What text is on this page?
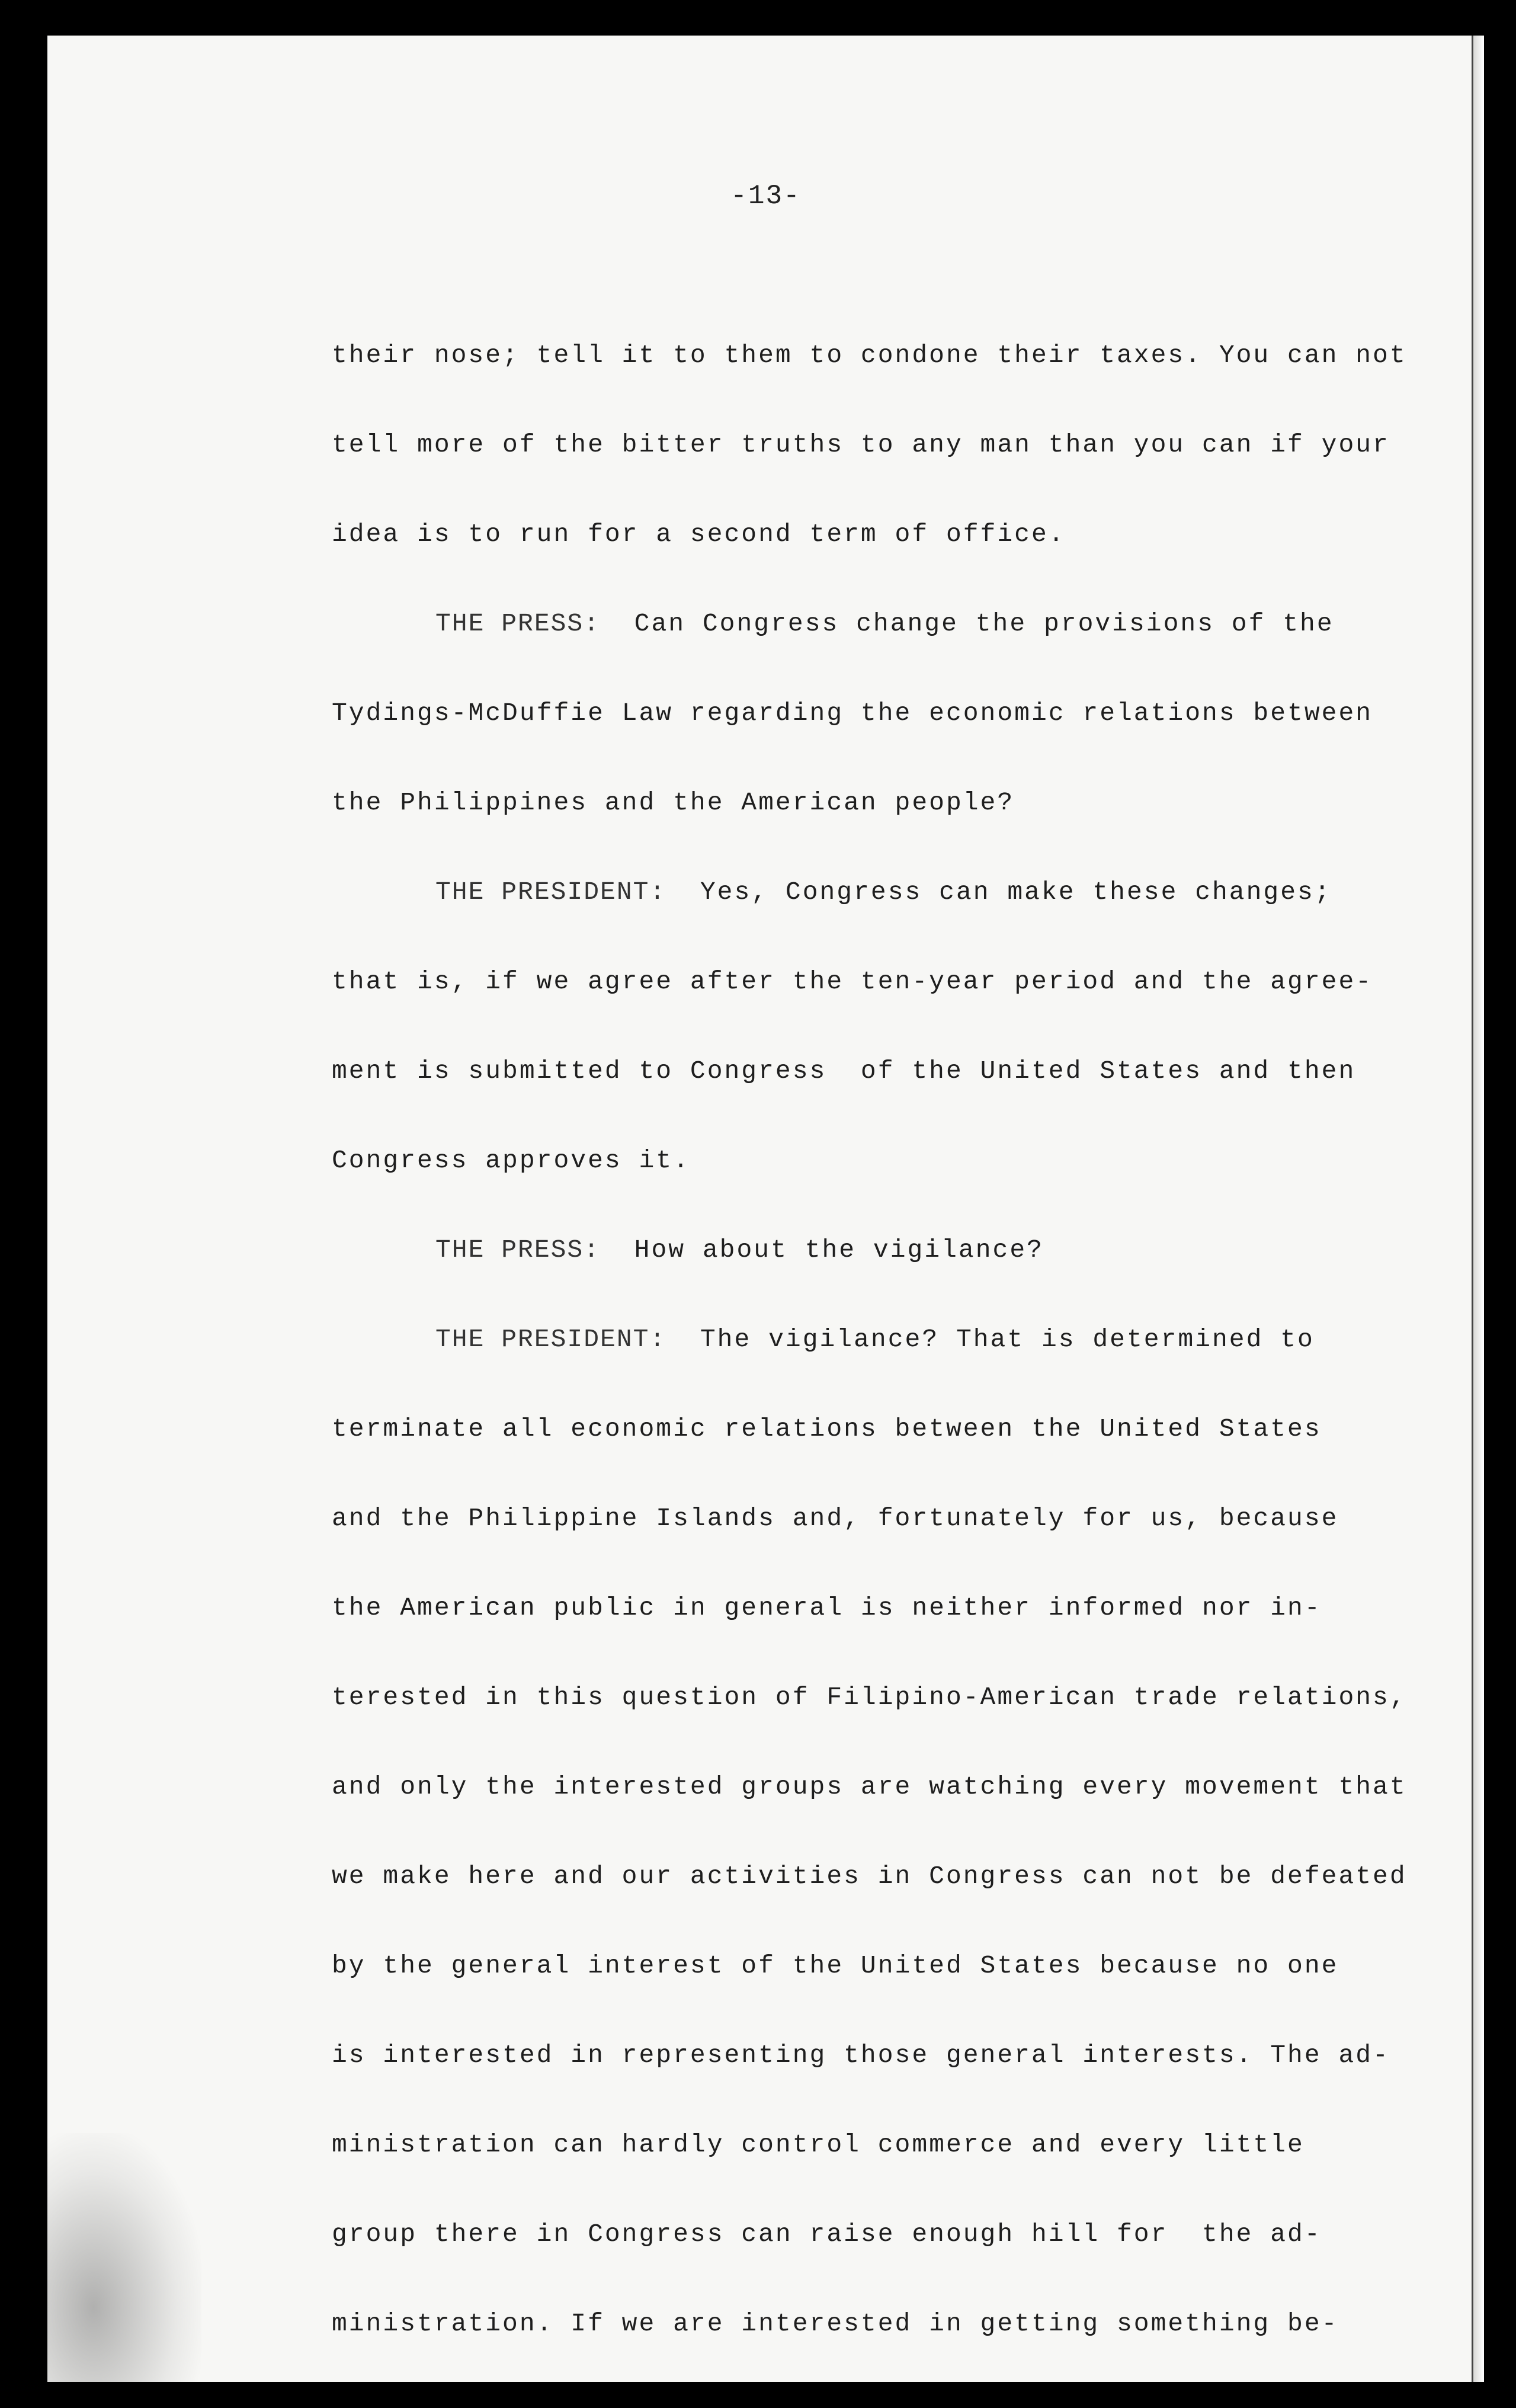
-13-
their nose; tell it to them to condone their taxes. You can not
tell more of the bitter truths to any man than you can if your
idea is to run for a second term of office.
THE PRESS: Can Congress change the provisions of the
Tydings-McDuffie Law regarding the economic relations between
the Philippines and the American people?
THE PRESIDENT: Yes, Congress can make these changes;
that is, if we agree after the ten-year period and the agree-
ment is submitted to Congress  of the United States and then
Congress approves it.
THE PRESS: How about the vigilance?
THE PRESIDENT: The vigilance? That is determined to
terminate all economic relations between the United States
and the Philippine Islands and, fortunately for us, because
the American public in general is neither informed nor in-
terested in this question of Filipino-American trade relations,
and only the interested groups are watching every movement that
we make here and our activities in Congress can not be defeated
by the general interest of the United States because no one
is interested in representing those general interests. The ad-
ministration can hardly control commerce and every little
group there in Congress can raise enough hill for  the ad-
ministration. If we are interested in getting something be-
